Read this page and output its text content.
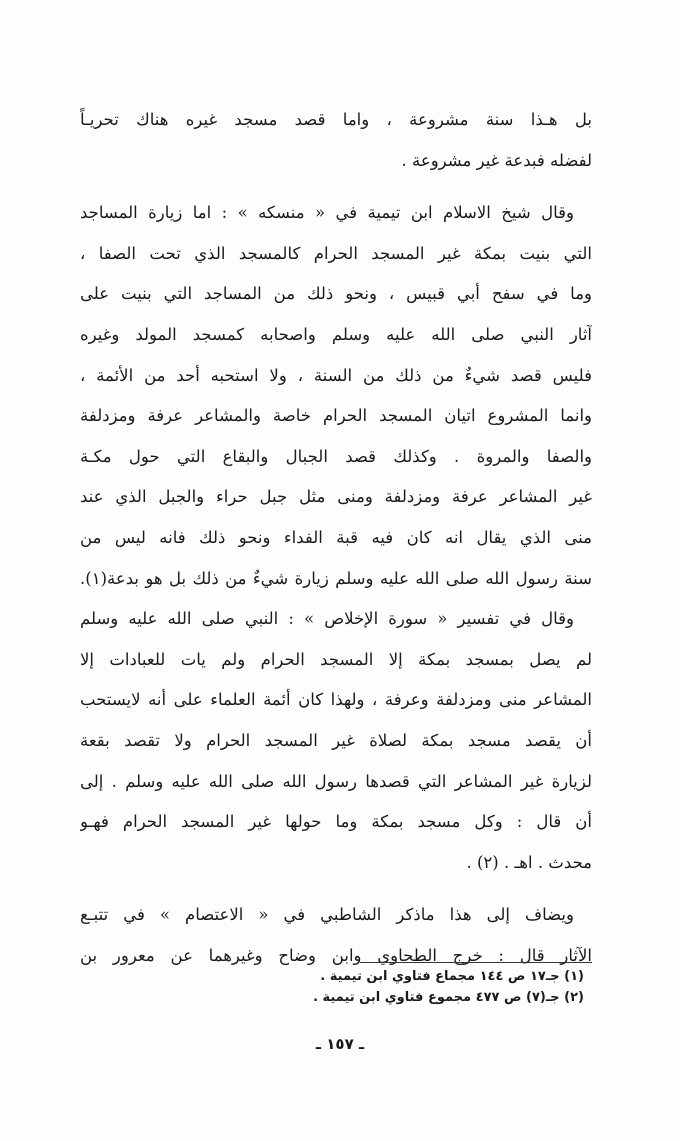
بل هـذا سنة مشروعة ، واما قصد مسجد غيره هناك تحريـاً
لفضله فبدعة غير مشروعة .

وقال شيخ الاسلام ابن تيمية في « منسكه » : اما زيارة المساجد
التي بنيت بمكة غير المسجد الحرام كالمسجد الذي تحت الصفا ،
وما في سفح أبي قبيس ، ونحو ذلك من المساجد التي بنيت على
آثار النبي صلى الله عليه وسلم واصحابه كمسجد المولد وغيره
فليس قصد شيءٌ من ذلك من السنة ، ولا استحبه أحد من الأئمة ،
وانما المشروع اتيان المسجد الحرام خاصة والمشاعر عرفة ومزدلفة
والصفا والمروة . وكذلك قصد الجبال والبقاع التي حول مكـة
غير المشاعر عرفة ومزدلفة ومنى مثل جبل حراء والجبل الذي عند
منى الذي يقال انه كان فيه قبة الفداء ونحو ذلك فانه ليس من
سنة رسول الله صلى الله عليه وسلم زيارة شيءٌ من ذلك بل هو بدعة(١).

وقال في تفسير « سورة الإخلاص » : النبي صلى الله عليه وسلم
لم يصل بمسجد بمكة إلا المسجد الحرام ولم يات للعبادات إلا
المشاعر منى ومزدلفة وعرفة ، ولهذا كان أئمة العلماء على أنه لايستحب
أن يقصد مسجد بمكة لصلاة غير المسجد الحرام ولا تقصد بقعة
لزيارة غير المشاعر التي قصدها رسول الله صلى الله عليه وسلم . إلى
أن قال : وكل مسجد بمكة وما حولها غير المسجد الحرام فهـو
محدث . اهـ . (٢) .

ويضاف إلى هذا ماذكر الشاطبي في « الاعتصام » في تتبـع
الآثار قال : خرج الطحاوي وابن وضاح وغيرهما عن معرور بن

(١) جـ١٧ ص ١٤٤ مجماع فتاوي ابن تيمية .
(٢) جـ(٧) ص ٤٧٧ مجموع فتاوي ابن تيمية .
ـ ١٥٧ ـ
